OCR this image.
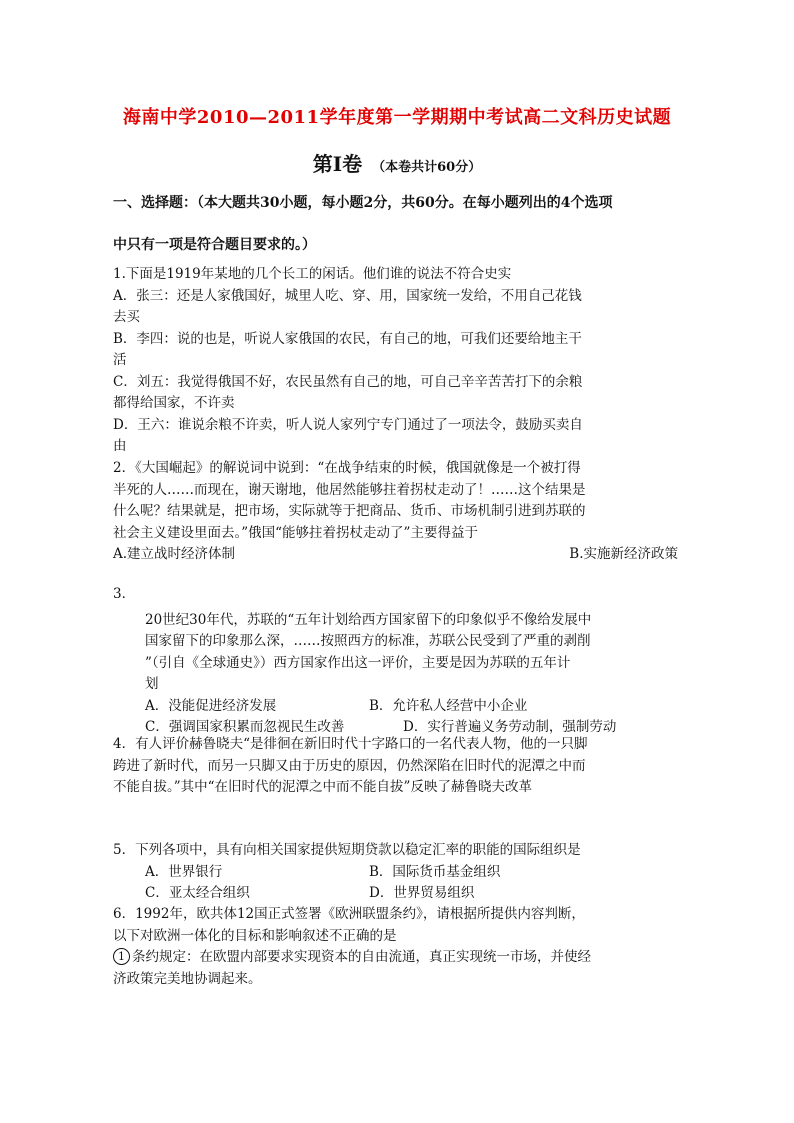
海南中学2010—2011学年度第一学期期中考试高二文科历史试题
第Ⅰ卷 （本卷共计60分）
一、选择题：（本大题共30小题，每小题2分，共60分。在每小题列出的4个选项
中只有一项是符合题目要求的。）

1.下面是1919年某地的几个长工的闲话。他们谁的说法不符合史实

A．张三：还是人家俄国好，城里人吃、穿、用，国家统一发给，不用自己花钱

去买

B．李四：说的也是，听说人家俄国的农民，有自己的地，可我们还要给地主干

活

C．刘五：我觉得俄国不好，农民虽然有自己的地，可自己辛辛苦苦打下的余粮

都得给国家，不许卖

D．王六：谁说余粮不许卖，听人说人家列宁专门通过了一项法令，鼓励买卖自

由

2．《大国崛起》的解说词中说到：“在战争结束的时候，俄国就像是一个被打得

半死的人……而现在，谢天谢地，他居然能够拄着拐杖走动了！……这个结果是

什么呢？结果就是，把市场，实际就等于把商品、货币、市场机制引进到苏联的

社会主义建设里面去。”俄国“能够拄着拐杖走动了”主要得益于

A.建立战时经济体制	B.实施新经济政策

3．

20世纪30年代，苏联的“五年计划给西方国家留下的印象似乎不像给发展中

国家留下的印象那么深，……按照西方的标准，苏联公民受到了严重的剥削

”（引自《全球通史》）西方国家作出这一评价，主要是因为苏联的五年计

划

A．没能促进经济发展	B．允许私人经营中小企业

C．强调国家积累而忽视民生改善	D．实行普遍义务劳动制，强制劳动

4．有人评价赫鲁晓夫“是徘徊在新旧时代十字路口的一名代表人物，他的一只脚

跨进了新时代，而另一只脚又由于历史的原因，仍然深陷在旧时代的泥潭之中而

不能自拔。”其中“在旧时代的泥潭之中而不能自拔”反映了赫鲁晓夫改革

5．下列各项中，具有向相关国家提供短期贷款以稳定汇率的职能的国际组织是

A．世界银行	B．国际货币基金组织

C．亚太经合组织	D．世界贸易组织

6．1992年，欧共体12国正式签署《欧洲联盟条约》，请根据所提供内容判断，

以下对欧洲一体化的目标和影响叙述不正确的是

1 条约规定：在欧盟内部要求实现资本的自由流通，真正实现统一市场，并使经

济政策完美地协调起来。
